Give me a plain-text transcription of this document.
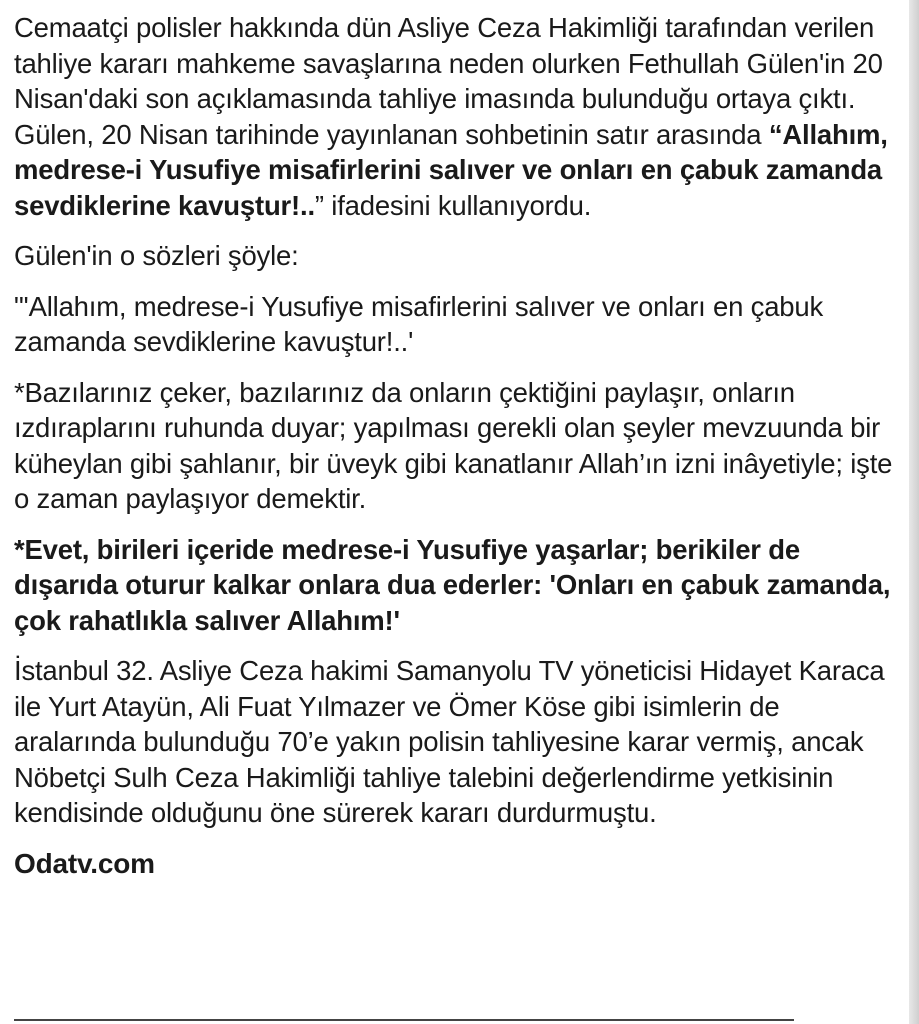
Cemaatçi polisler hakkında dün Asliye Ceza Hakimliği tarafından verilen tahliye kararı mahkeme savaşlarına neden olurken Fethullah Gülen'in 20 Nisan'daki son açıklamasında tahliye imasında bulunduğu ortaya çıktı. Gülen, 20 Nisan tarihinde yayınlanan sohbetinin satır arasında “Allahım, medrese-i Yusufiye misafirlerini salıver ve onları en çabuk zamanda sevdiklerine kavuştur!..” ifadesini kullanıyordu.

Gülen'in o sözleri şöyle:

"'Allahım, medrese-i Yusufiye misafirlerini salıver ve onları en çabuk zamanda sevdiklerine kavuştur!..'

*Bazılarınız çeker, bazılarınız da onların çektiğini paylaşır, onların ızdıraplarını ruhunda duyar; yapılması gerekli olan şeyler mevzuunda bir küheylan gibi şahlanır, bir üveyk gibi kanatlanır Allah’ın izni inâyetiyle; işte o zaman paylaşıyor demektir.

*Evet, birileri içeride medrese-i Yusufiye yaşarlar; berikiler de dışarıda oturur kalkar onlara dua ederler: 'Onları en çabuk zamanda, çok rahatlıkla salıver Allahım!'

İstanbul 32. Asliye Ceza hakimi Samanyolu TV yöneticisi Hidayet Karaca ile Yurt Atayün, Ali Fuat Yılmazer ve Ömer Köse gibi isimlerin de aralarında bulunduğu 70’e yakın polisin tahliyesine karar vermiş, ancak Nöbetçi Sulh Ceza Hakimliği tahliye talebini değerlendirme yetkisinin kendisinde olduğunu öne sürerek kararı durdurmuştu.

Odatv.com
